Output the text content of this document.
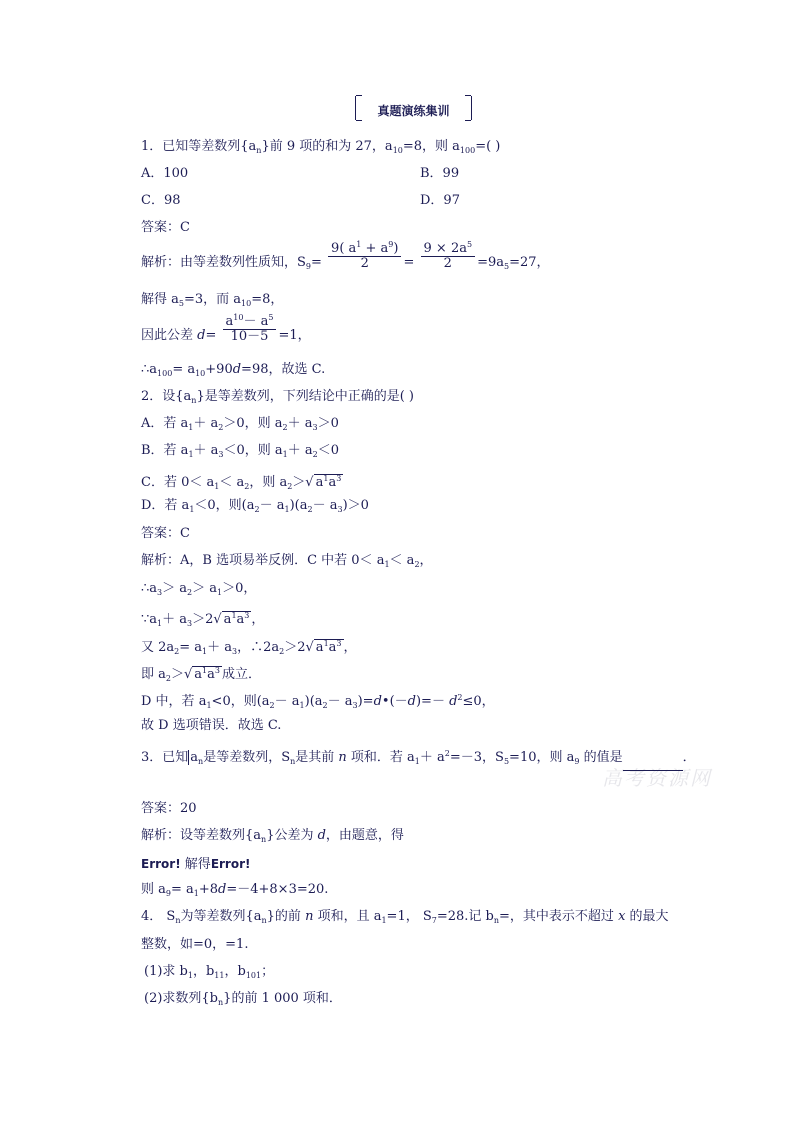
真题演练集训
高考资源网
1．已知等差数列$\{a_n\}$前 9 项的和为 27，$a_{10}=8$，则 $a_{100}=$( )
A．100	B．99
C．98	D．97
答案：C
解析：由等差数列性质知，$S_9= \frac{9( a^1 + a^9)}{2} = \frac{9 \times 2a^5}{2} =9a_5=27$，
解得 $a_5=3$，而 $a_{10}=8$，
因此公差 $d= \frac{a^{10}- a^5}{10-5} =1$，
$\therefore a_{100}= a_{10}+90d=98$，故选 C.
2．设$\{a_n\}$是等差数列，下列结论中正确的是( )
A．若 $a_1+ a_2>0$，则 $a_2+ a_3>0$
B．若 $a_1+ a_3<0$，则 $a_1+ a_2<0$
C．若 $0< a_1< a_2$，则 $a_2>√$ $a^1a^3$
D．若 $a_1<0$，则$(a_2- a_1)(a_2- a_3)>0$
答案：C
解析：A，B 选项易举反例．C 中若 $0< a_1< a_2$，
$\therefore a_3> a_2> a_1>0$，
$\because a_1+ a_3>2√$ $a^1a^3$ ，
又 $2a_2= a_1+ a_3$，$\therefore 2a_2>2√$ $a^1a^3$ ，
即 $a_2>√$ $a^1a^3$ 成立．
D 中，若 $a_1<0$，则$(a_2- a_1)(a_2-$ $a_3)=d•(-d)=- d^2\le 0$，
故 D 选项错误．故选 C.
3．已知 $a_n$是等差数列，$S_n$是其前 n 项和．若 $a_1+ a^2=-3$，$S_5=10$，则 $a_9$ 的值是	．
答案：20
解析：设等差数列$\{a_n\}$公差为 d，由题意，得
Error! 解得Error!
则 $a_9= a_1+8d=-4+8\times 3=20$.
4． $S_n$为等差数列$\{a_n\}$的前 n 项和，且 $a_1=1$， $S_7=28$.记 $b_n=$，其中表示不超过 x 的最大
整数，如=0，=1.
(1)求 $b_1$，$b_{11}$，$b_{101}$；
(2)求数列$\{b_n\}$的前 1 000 项和．
